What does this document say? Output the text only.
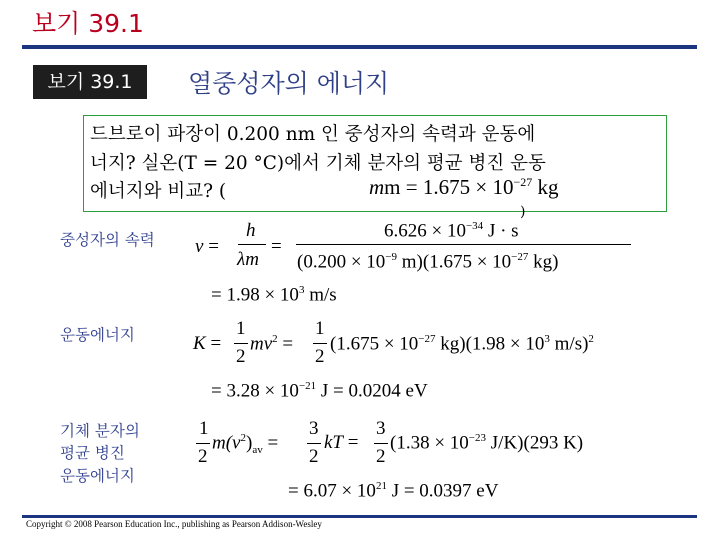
보기 39.1
보기 39.1	열중성자의 에너지
드브로이 파장이 0.200 nm 인 중성자의 속력과 운동에
너지? 실온(T = 20 °C)에서 기체 분자의 평균 병진 운동
에너지와 비교? (	mm = $1.675 \times 10^{-27}$ kg
)
중성자의 속력
운동에너지
기체 분자의
평균 병진
운동에너지
v =
h
λm
=
$6.626 \times 10^{-34}$ J · s
($0.200 \times 10^{-9}$ $m)(1.675 \times 10^{-27}$ kg)
= $1.98 \times 10^3$ m/s
K =
1
2
$mv^2$ =
1
2
($1.675 \times 10^{-27}$ $kg)(1.98 \times 10^3$ m/s)$^2$
= $3.28 \times 10^{-21}$ J = 0.0204 eV
1
2
$m(v^2)_{av}$ =
3
2
kT =
3
2
($1.38 \times 10^{-23}$ J/K)(293 K)
= $6.07 \times 10^{21}$ J = 0.0397 eV
Copyright © 2008 Pearson Education Inc., publishing as Pearson Addison-Wesley
